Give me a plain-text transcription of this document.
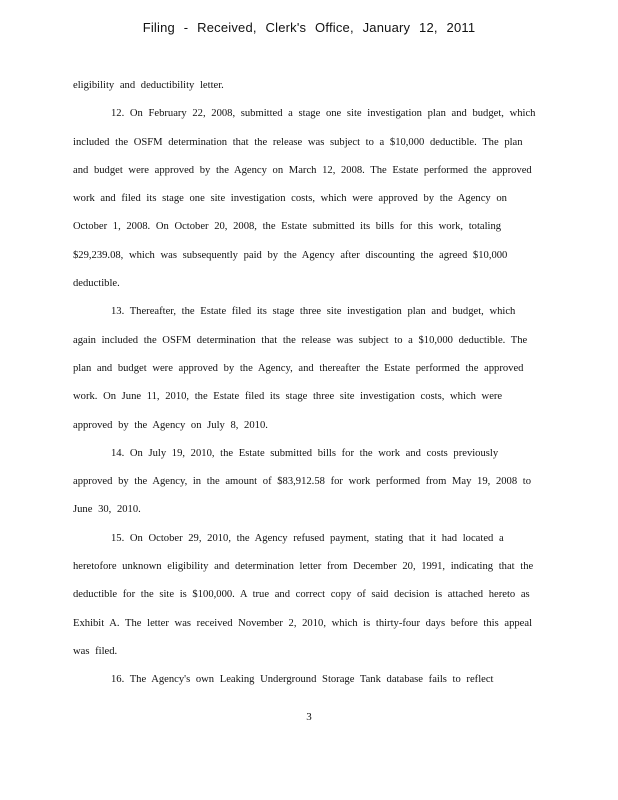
Filing - Received, Clerk's Office, January 12, 2011

eligibility and deductibility letter.

12. On February 22, 2008, submitted a stage one site investigation plan and budget, which included the OSFM determination that the release was subject to a $10,000 deductible. The plan and budget were approved by the Agency on March 12, 2008. The Estate performed the approved work and filed its stage one site investigation costs, which were approved by the Agency on October 1, 2008. On October 20, 2008, the Estate submitted its bills for this work, totaling $29,239.08, which was subsequently paid by the Agency after discounting the agreed $10,000 deductible.

13. Thereafter, the Estate filed its stage three site investigation plan and budget, which again included the OSFM determination that the release was subject to a $10,000 deductible. The plan and budget were approved by the Agency, and thereafter the Estate performed the approved work. On June 11, 2010, the Estate filed its stage three site investigation costs, which were approved by the Agency on July 8, 2010.

14. On July 19, 2010, the Estate submitted bills for the work and costs previously approved by the Agency, in the amount of $83,912.58 for work performed from May 19, 2008 to June 30, 2010.

15. On October 29, 2010, the Agency refused payment, stating that it had located a heretofore unknown eligibility and determination letter from December 20, 1991, indicating that the deductible for the site is $100,000. A true and correct copy of said decision is attached hereto as Exhibit A. The letter was received November 2, 2010, which is thirty-four days before this appeal was filed.

16. The Agency's own Leaking Underground Storage Tank database fails to reflect

3
